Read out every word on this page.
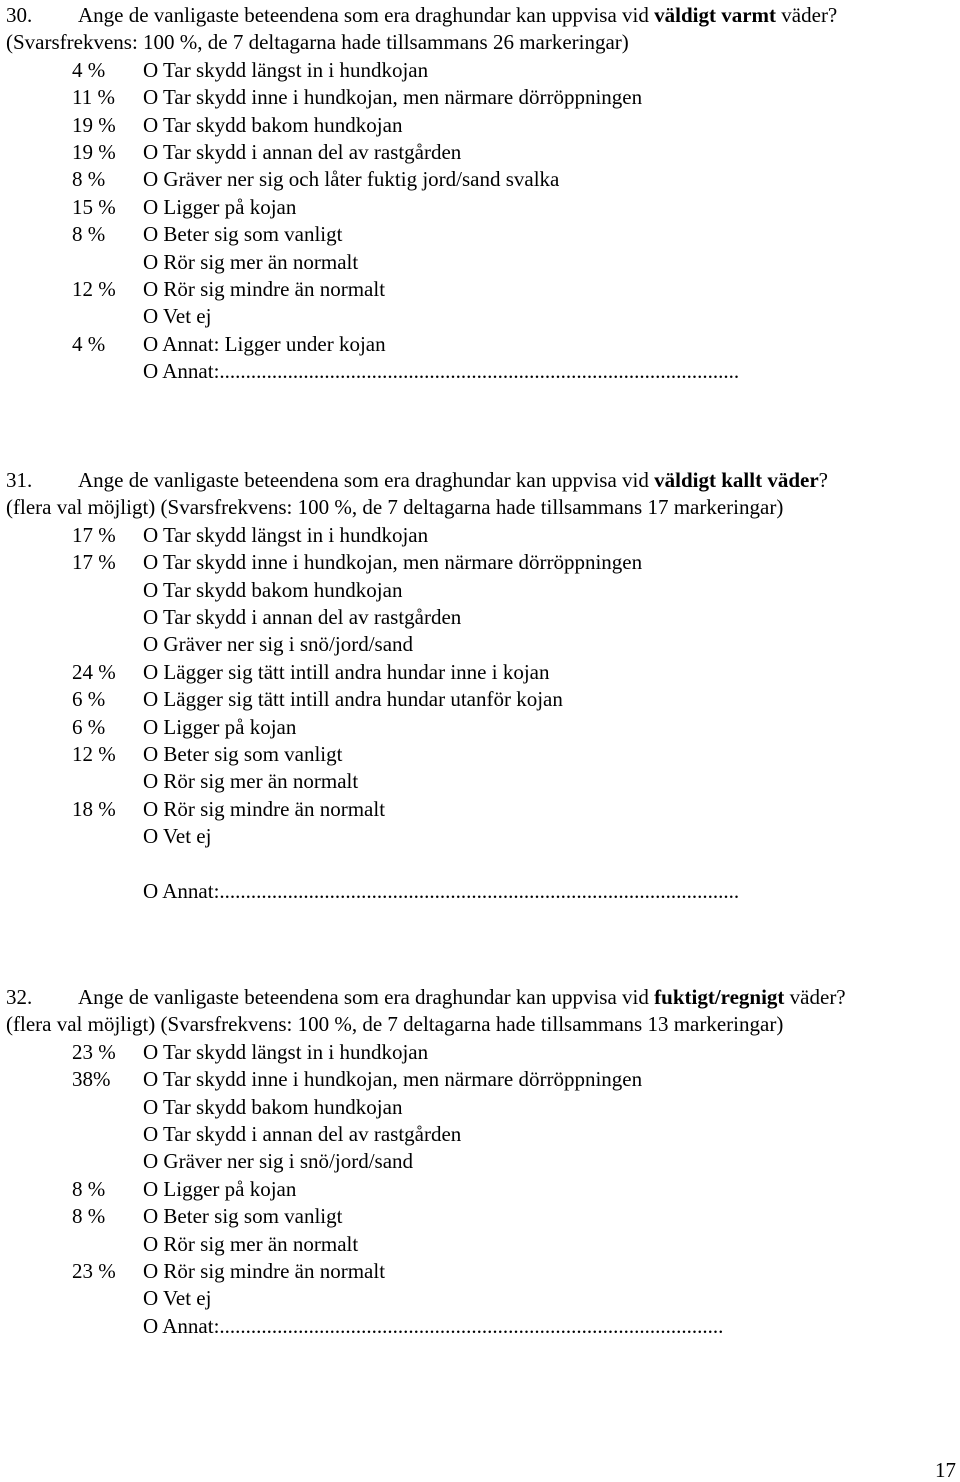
30. Ange de vanligaste beteendena som era draghundar kan uppvisa vid väldigt varmt väder?
(Svarsfrekvens: 100 %, de 7 deltagarna hade tillsammans 26 markeringar)
4 % O Tar skydd längst in i hundkojan
11 % O Tar skydd inne i hundkojan, men närmare dörröppningen
19 % O Tar skydd bakom hundkojan
19 % O Tar skydd i annan del av rastgården
8 % O Gräver ner sig och låter fuktig jord/sand svalka
15 % O Ligger på kojan
8 % O Beter sig som vanligt
O Rör sig mer än normalt
12 % O Rör sig mindre än normalt
O Vet ej
4 % O Annat: Ligger under kojan
O Annat:...................................................................................................
31. Ange de vanligaste beteendena som era draghundar kan uppvisa vid väldigt kallt väder?
(flera val möjligt) (Svarsfrekvens: 100 %, de 7 deltagarna hade tillsammans 17 markeringar)
17 % O Tar skydd längst in i hundkojan
17 % O Tar skydd inne i hundkojan, men närmare dörröppningen
O Tar skydd bakom hundkojan
O Tar skydd i annan del av rastgården
O Gräver ner sig i snö/jord/sand
24 % O Lägger sig tätt intill andra hundar inne i kojan
6 % O Lägger sig tätt intill andra hundar utanför kojan
6 % O Ligger på kojan
12 % O Beter sig som vanligt
O Rör sig mer än normalt
18 % O Rör sig mindre än normalt
O Vet ej
O Annat:...................................................................................................
32. Ange de vanligaste beteendena som era draghundar kan uppvisa vid fuktigt/regnigt väder?
(flera val möjligt) (Svarsfrekvens: 100 %, de 7 deltagarna hade tillsammans 13 markeringar)
23 % O Tar skydd längst in i hundkojan
38% O Tar skydd inne i hundkojan, men närmare dörröppningen
O Tar skydd bakom hundkojan
O Tar skydd i annan del av rastgården
O Gräver ner sig i snö/jord/sand
8 % O Ligger på kojan
8 % O Beter sig som vanligt
O Rör sig mer än normalt
23 % O Rör sig mindre än normalt
O Vet ej
O Annat:................................................................................................
17
